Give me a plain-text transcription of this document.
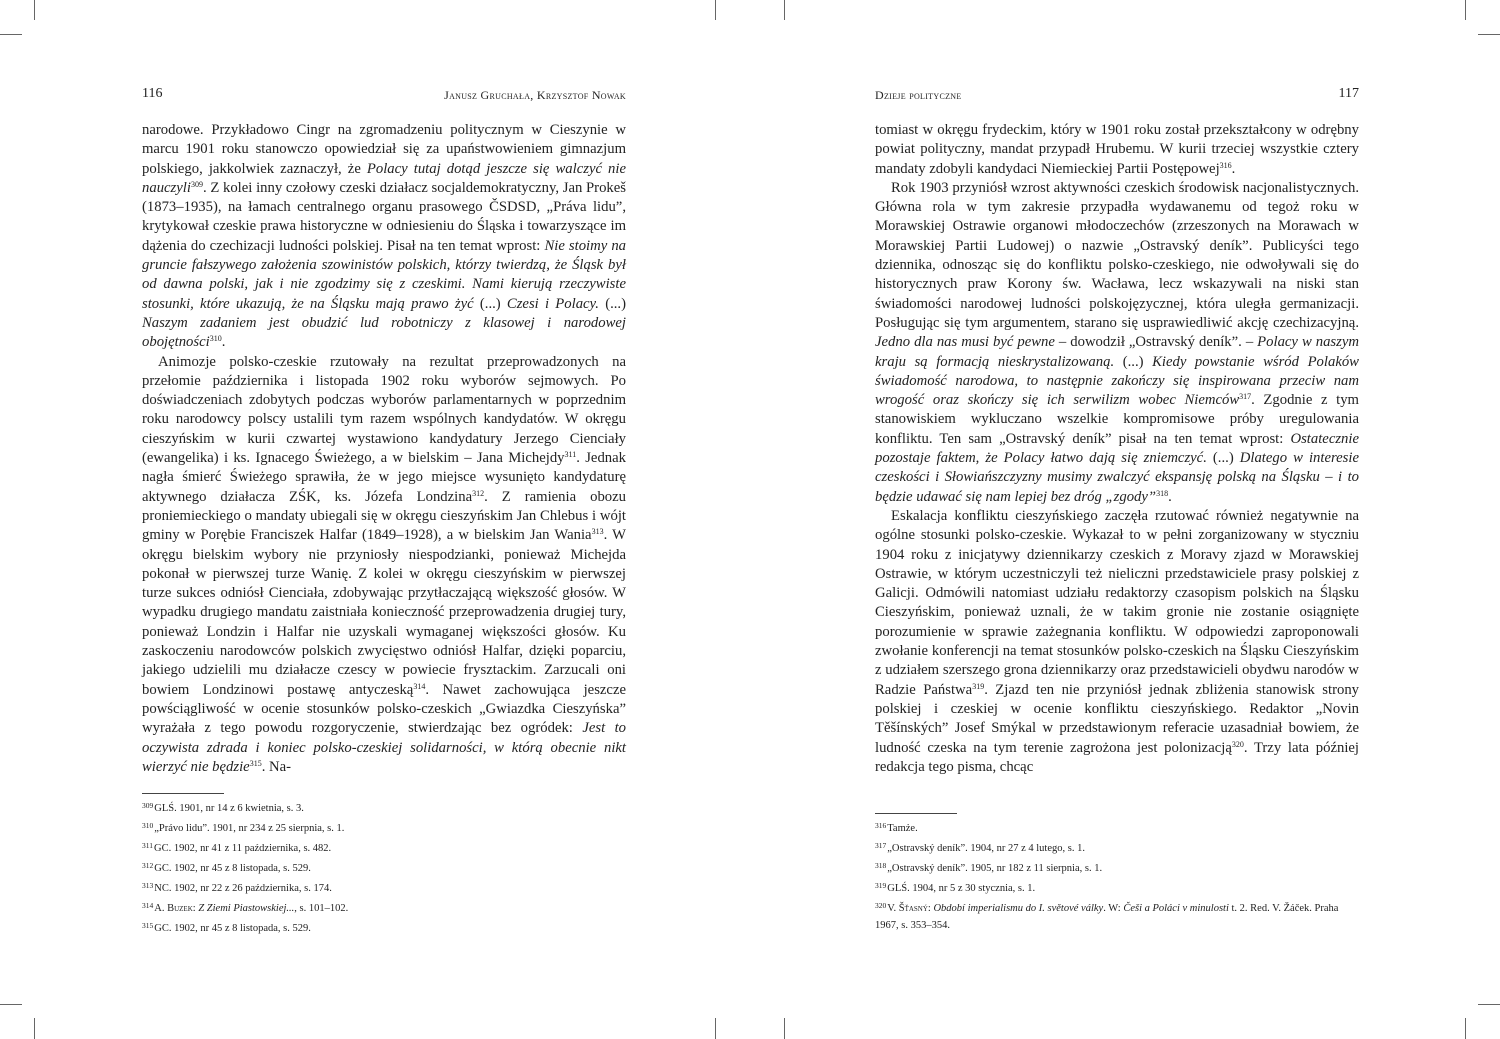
116	Janusz Gruchała, Krzysztof Nowak

narodowe. Przykładowo Cingr na zgromadzeniu politycznym w Cieszynie w marcu 1901 roku stanowczo opowiedział się za upaństwowieniem gimnazjum polskiego, jakkolwiek zaznaczył, że Polacy tutaj dotąd jeszcze się walczyć nie nauczyli$^{309}$. Z kolei inny czołowy czeski działacz socjaldemokratyczny, Jan Prokeš (1873–1935), na łamach centralnego organu prasowego ČSDSD, „Práva lidu”, krytykował czeskie prawa historyczne w odniesieniu do Śląska i towarzyszące im dążenia do czechizacji ludności polskiej. Pisał na ten temat wprost: Nie stoimy na gruncie fałszywego założenia szowinistów polskich, którzy twierdzą, że Śląsk był od dawna polski, jak i nie zgodzimy się z czeskimi. Nami kierują rzeczywiste stosunki, które ukazują, że na Śląsku mają prawo żyć (...) Czesi i Polacy. (...) Naszym zadaniem jest obudzić lud robotniczy z klasowej i narodowej obojętności$^{310}$.

Animozje polsko-czeskie rzutowały na rezultat przeprowadzonych na przełomie października i listopada 1902 roku wyborów sejmowych. Po doświadczeniach zdobytych podczas wyborów parlamentarnych w poprzednim roku narodowcy polscy ustalili tym razem wspólnych kandydatów. W okręgu cieszyńskim w kurii czwartej wystawiono kandydatury Jerzego Cienciały (ewangelika) i ks. Ignacego Świeżego, a w bielskim – Jana Michejdy$^{311}$. Jednak nagła śmierć Świeżego sprawiła, że w jego miejsce wysunięto kandydaturę aktywnego działacza ZŚK, ks. Józefa Londzina$^{312}$. Z ramienia obozu proniemieckiego o mandaty ubiegali się w okręgu cieszyńskim Jan Chlebus i wójt gminy w Porębie Franciszek Halfar (1849–1928), a w bielskim Jan Wania$^{313}$. W okręgu bielskim wybory nie przyniosły niespodzianki, ponieważ Michejda pokonał w pierwszej turze Wanię. Z kolei w okręgu cieszyńskim w pierwszej turze sukces odniósł Cienciała, zdobywając przytłaczającą większość głosów. W wypadku drugiego mandatu zaistniała konieczność przeprowadzenia drugiej tury, ponieważ Londzin i Halfar nie uzyskali wymaganej większości głosów. Ku zaskoczeniu narodowców polskich zwycięstwo odniósł Halfar, dzięki poparciu, jakiego udzielili mu działacze czescy w powiecie frysztackim. Zarzucali oni bowiem Londzinowi postawę antyczeską$^{314}$. Nawet zachowująca jeszcze powściągliwość w ocenie stosunków polsko-czeskich „Gwiazdka Cieszyńska” wyrażała z tego powodu rozgoryczenie, stwierdzając bez ogródek: Jest to oczywista zdrada i koniec polsko-czeskiej solidarności, w którą obecnie nikt wierzyć nie będzie$^{315}$. Na-

$^{309}$GLŚ. 1901, nr 14 z 6 kwietnia, s. 3.
$^{310}$„Právo lidu”. 1901, nr 234 z 25 sierpnia, s. 1.
$^{311}$GC. 1902, nr 41 z 11 października, s. 482.
$^{312}$GC. 1902, nr 45 z 8 listopada, s. 529.
$^{313}$NC. 1902, nr 22 z 26 października, s. 174.
$^{314}$A. Buzek: Z Ziemi Piastowskiej..., s. 101–102.
$^{315}$GC. 1902, nr 45 z 8 listopada, s. 529.
Dzieje polityczne	117

tomiast w okręgu frydeckim, który w 1901 roku został przekształcony w odrębny powiat polityczny, mandat przypadł Hrubemu. W kurii trzeciej wszystkie cztery mandaty zdobyli kandydaci Niemieckiej Partii Postępowej$^{316}$.

Rok 1903 przyniósł wzrost aktywności czeskich środowisk nacjonalistycznych. Główna rola w tym zakresie przypadła wydawanemu od tegoż roku w Morawskiej Ostrawie organowi młodoczechów (zrzeszonych na Morawach w Morawskiej Partii Ludowej) o nazwie „Ostravský deník”. Publicyści tego dziennika, odnosząc się do konfliktu polsko-czeskiego, nie odwoływali się do historycznych praw Korony św. Wacława, lecz wskazywali na niski stan świadomości narodowej ludności polskojęzycznej, która uległa germanizacji. Posługując się tym argumentem, starano się usprawiedliwić akcję czechizacyjną. Jedno dla nas musi być pewne – dowodził „Ostravský deník”. – Polacy w naszym kraju są formacją nieskrystalizowaną. (...) Kiedy powstanie wśród Polaków świadomość narodowa, to następnie zakończy się inspirowana przeciw nam wrogość oraz skończy się ich serwilizm wobec Niemców$^{317}$. Zgodnie z tym stanowiskiem wykluczano wszelkie kompromisowe próby uregulowania konfliktu. Ten sam „Ostravský deník” pisał na ten temat wprost: Ostatecznie pozostaje faktem, że Polacy łatwo dają się zniemczyć. (...) Dlatego w interesie czeskości i Słowiańszczyzny musimy zwalczyć ekspansję polską na Śląsku – i to będzie udawać się nam lepiej bez dróg „zgody”$^{318}$.

Eskalacja konfliktu cieszyńskiego zaczęła rzutować również negatywnie na ogólne stosunki polsko-czeskie. Wykazał to w pełni zorganizowany w styczniu 1904 roku z inicjatywy dziennikarzy czeskich z Moravy zjazd w Morawskiej Ostrawie, w którym uczestniczyli też nieliczni przedstawiciele prasy polskiej z Galicji. Odmówili natomiast udziału redaktorzy czasopism polskich na Śląsku Cieszyńskim, ponieważ uznali, że w takim gronie nie zostanie osiągnięte porozumienie w sprawie zażegnania konfliktu. W odpowiedzi zaproponowali zwołanie konferencji na temat stosunków polsko-czeskich na Śląsku Cieszyńskim z udziałem szerszego grona dziennikarzy oraz przedstawicieli obydwu narodów w Radzie Państwa$^{319}$. Zjazd ten nie przyniósł jednak zbliżenia stanowisk strony polskiej i czeskiej w ocenie konfliktu cieszyńskiego. Redaktor „Novin Těšínských” Josef Smýkal w przedstawionym referacie uzasadniał bowiem, że ludność czeska na tym terenie zagrożona jest polonizacją$^{320}$. Trzy lata później redakcja tego pisma, chcąc

$^{316}$Tamże.
$^{317}$„Ostravský deník”. 1904, nr 27 z 4 lutego, s. 1.
$^{318}$„Ostravský deník”. 1905, nr 182 z 11 sierpnia, s. 1.
$^{319}$GLŚ. 1904, nr 5 z 30 stycznia, s. 1.
$^{320}$V. Šťasný: Období imperialismu do I. světové války. W: Češi a Poláci v minulosti t. 2. Red. V. Žáček. Praha 1967, s. 353–354.
